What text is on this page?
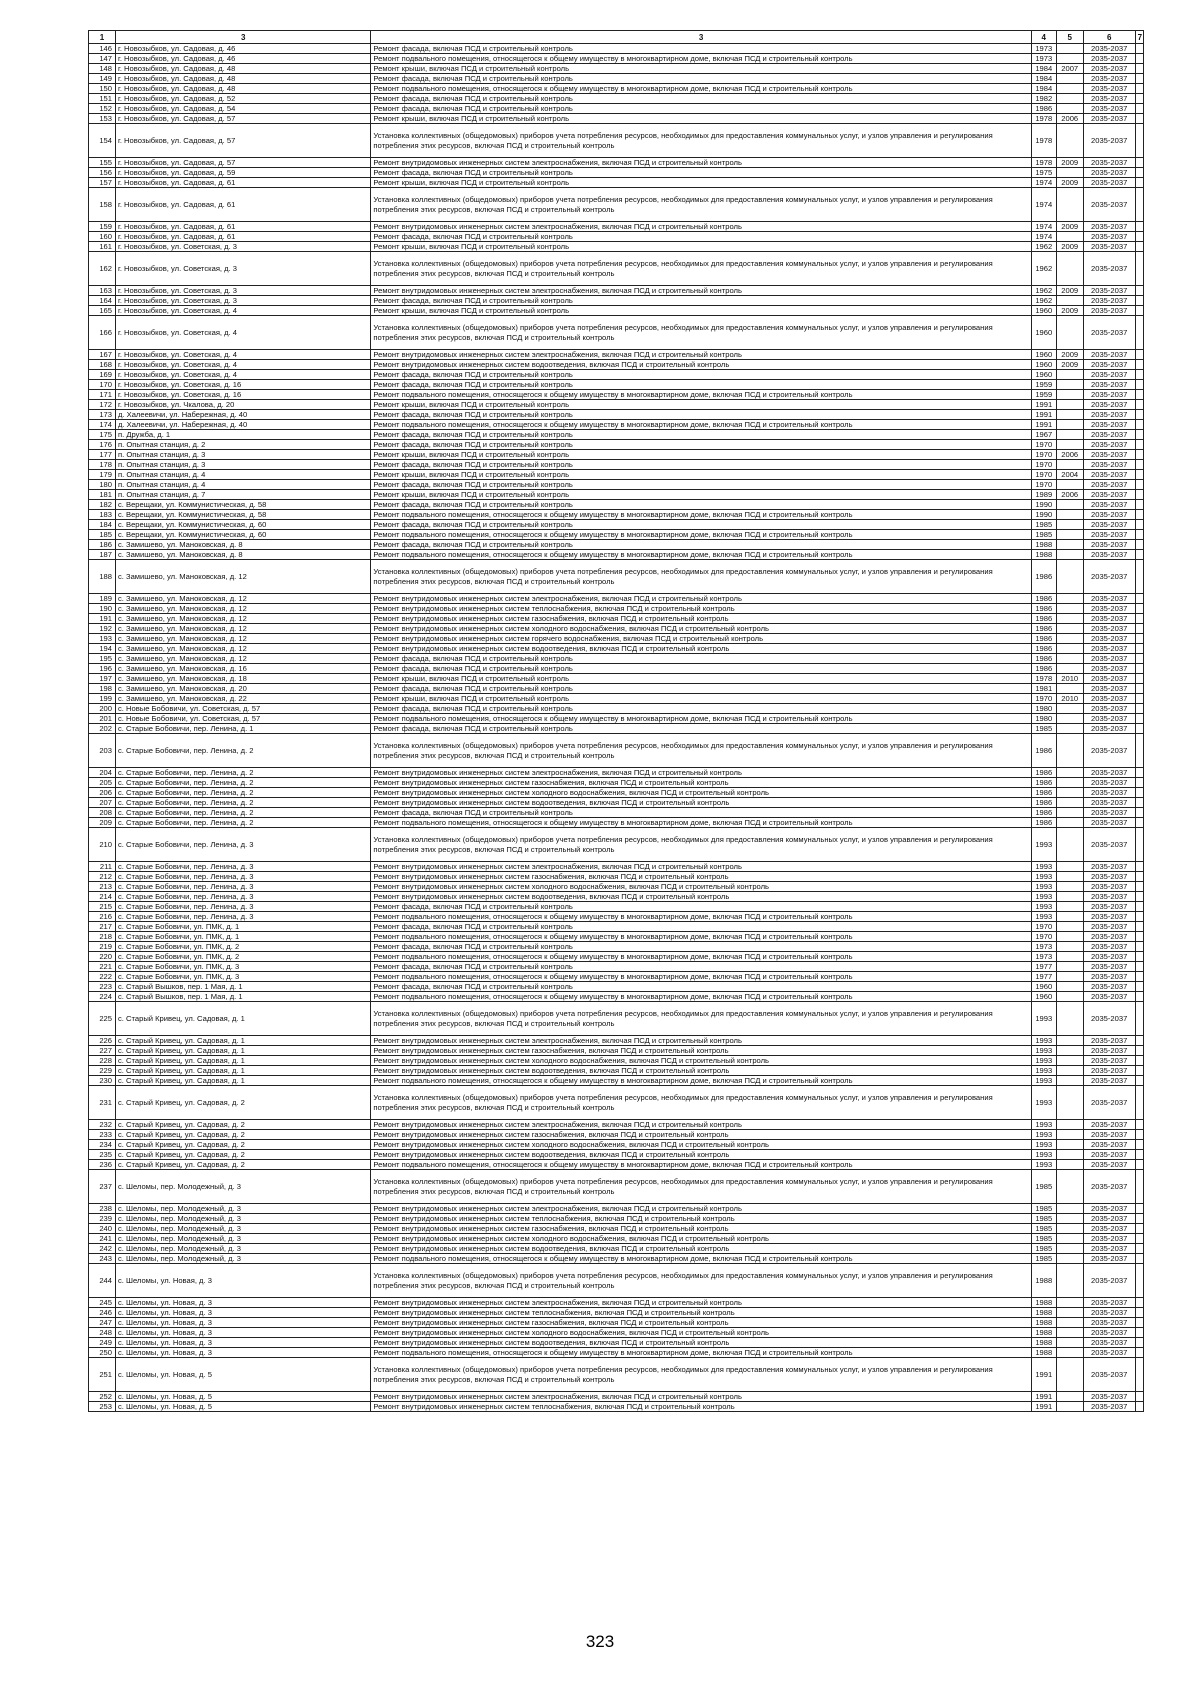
1	3	3	4	5	6	7
146	г. Новозыбков, ул. Садовая, д. 46	Ремонт фасада, включая ПСД и строительный контроль	1973		2035-2037	
147	г. Новозыбков, ул. Садовая, д. 46	Ремонт подвального помещения, относящегося к общему имуществу в многоквартирном доме, включая ПСД и строительный контроль	1973		2035-2037	
148	г. Новозыбков, ул. Садовая, д. 48	Ремонт крыши, включая ПСД и строительный контроль	1984	2007	2035-2037	
149	г. Новозыбков, ул. Садовая, д. 48	Ремонт фасада, включая ПСД и строительный контроль	1984		2035-2037	
150	г. Новозыбков, ул. Садовая, д. 48	Ремонт подвального помещения, относящегося к общему имуществу в многоквартирном доме, включая ПСД и строительный контроль	1984		2035-2037	
151	г. Новозыбков, ул. Садовая, д. 52	Ремонт фасада, включая ПСД и строительный контроль	1982		2035-2037	
152	г. Новозыбков, ул. Садовая, д. 54	Ремонт фасада, включая ПСД и строительный контроль	1986		2035-2037	
153	г. Новозыбков, ул. Садовая, д. 57	Ремонт крыши, включая ПСД и строительный контроль	1978	2006	2035-2037	
154	г. Новозыбков, ул. Садовая, д. 57	Установка коллективных (общедомовых) приборов учета потребления ресурсов, необходимых для предоставления коммунальных услуг, и узлов управления и регулирования потребления этих ресурсов, включая ПСД и строительный контроль	1978		2035-2037	
155	г. Новозыбков, ул. Садовая, д. 57	Ремонт внутридомовых инженерных систем электроснабжения, включая ПСД и строительный контроль	1978	2009	2035-2037	
156	г. Новозыбков, ул. Садовая, д. 59	Ремонт фасада, включая ПСД и строительный контроль	1975		2035-2037	
157	г. Новозыбков, ул. Садовая, д. 61	Ремонт крыши, включая ПСД и строительный контроль	1974	2009	2035-2037	
158	г. Новозыбков, ул. Садовая, д. 61	Установка коллективных (общедомовых) приборов учета потребления ресурсов, необходимых для предоставления коммунальных услуг, и узлов управления и регулирования потребления этих ресурсов, включая ПСД и строительный контроль	1974		2035-2037	
159	г. Новозыбков, ул. Садовая, д. 61	Ремонт внутридомовых инженерных систем электроснабжения, включая ПСД и строительный контроль	1974	2009	2035-2037	
160	г. Новозыбков, ул. Садовая, д. 61	Ремонт фасада, включая ПСД и строительный контроль	1974		2035-2037	
161	г. Новозыбков, ул. Советская, д. 3	Ремонт крыши, включая ПСД и строительный контроль	1962	2009	2035-2037	
162	г. Новозыбков, ул. Советская, д. 3	Установка коллективных (общедомовых) приборов учета потребления ресурсов, необходимых для предоставления коммунальных услуг, и узлов управления и регулирования потребления этих ресурсов, включая ПСД и строительный контроль	1962		2035-2037	
163	г. Новозыбков, ул. Советская, д. 3	Ремонт внутридомовых инженерных систем электроснабжения, включая ПСД и строительный контроль	1962	2009	2035-2037	
164	г. Новозыбков, ул. Советская, д. 3	Ремонт фасада, включая ПСД и строительный контроль	1962		2035-2037	
165	г. Новозыбков, ул. Советская, д. 4	Ремонт крыши, включая ПСД и строительный контроль	1960	2009	2035-2037	
166	г. Новозыбков, ул. Советская, д. 4	Установка коллективных (общедомовых) приборов учета потребления ресурсов, необходимых для предоставления коммунальных услуг, и узлов управления и регулирования потребления этих ресурсов, включая ПСД и строительный контроль	1960		2035-2037	
167	г. Новозыбков, ул. Советская, д. 4	Ремонт внутридомовых инженерных систем электроснабжения, включая ПСД и строительный контроль	1960	2009	2035-2037	
168	г. Новозыбков, ул. Советская, д. 4	Ремонт внутридомовых инженерных систем водоотведения, включая ПСД и строительный контроль	1960	2009	2035-2037	
169	г. Новозыбков, ул. Советская, д. 4	Ремонт фасада, включая ПСД и строительный контроль	1960		2035-2037	
170	г. Новозыбков, ул. Советская, д. 16	Ремонт фасада, включая ПСД и строительный контроль	1959		2035-2037	
171	г. Новозыбков, ул. Советская, д. 16	Ремонт подвального помещения, относящегося к общему имуществу в многоквартирном доме, включая ПСД и строительный контроль	1959		2035-2037	
172	г. Новозыбков, ул. Чкалова, д. 20	Ремонт крыши, включая ПСД и строительный контроль	1991		2035-2037	
173	д. Халеевичи, ул. Набережная, д. 40	Ремонт фасада, включая ПСД и строительный контроль	1991		2035-2037	
174	д. Халеевичи, ул. Набережная, д. 40	Ремонт подвального помещения, относящегося к общему имуществу в многоквартирном доме, включая ПСД и строительный контроль	1991		2035-2037	
175	п. Дружба, д. 1	Ремонт фасада, включая ПСД и строительный контроль	1967		2035-2037	
176	п. Опытная станция, д. 2	Ремонт фасада, включая ПСД и строительный контроль	1970		2035-2037	
177	п. Опытная станция, д. 3	Ремонт крыши, включая ПСД и строительный контроль	1970	2006	2035-2037	
178	п. Опытная станция, д. 3	Ремонт фасада, включая ПСД и строительный контроль	1970		2035-2037	
179	п. Опытная станция, д. 4	Ремонт крыши, включая ПСД и строительный контроль	1970	2004	2035-2037	
180	п. Опытная станция, д. 4	Ремонт фасада, включая ПСД и строительный контроль	1970		2035-2037	
181	п. Опытная станция, д. 7	Ремонт крыши, включая ПСД и строительный контроль	1989	2006	2035-2037	
182	с. Верещаки, ул. Коммунистическая, д. 58	Ремонт фасада, включая ПСД и строительный контроль	1990		2035-2037	
183	с. Верещаки, ул. Коммунистическая, д. 58	Ремонт подвального помещения, относящегося к общему имуществу в многоквартирном доме, включая ПСД и строительный контроль	1990		2035-2037	
184	с. Верещаки, ул. Коммунистическая, д. 60	Ремонт фасада, включая ПСД и строительный контроль	1985		2035-2037	
185	с. Верещаки, ул. Коммунистическая, д. 60	Ремонт подвального помещения, относящегося к общему имуществу в многоквартирном доме, включая ПСД и строительный контроль	1985		2035-2037	
186	с. Замишево, ул. Маноковская, д. 8	Ремонт фасада, включая ПСД и строительный контроль	1988		2035-2037	
187	с. Замишево, ул. Маноковская, д. 8	Ремонт подвального помещения, относящегося к общему имуществу в многоквартирном доме, включая ПСД и строительный контроль	1988		2035-2037	
188	с. Замишево, ул. Маноковская, д. 12	Установка коллективных (общедомовых) приборов учета потребления ресурсов, необходимых для предоставления коммунальных услуг, и узлов управления и регулирования потребления этих ресурсов, включая ПСД и строительный контроль	1986		2035-2037	
189	с. Замишево, ул. Маноковская, д. 12	Ремонт внутридомовых инженерных систем электроснабжения, включая ПСД и строительный контроль	1986		2035-2037	
190	с. Замишево, ул. Маноковская, д. 12	Ремонт внутридомовых инженерных систем теплоснабжения, включая ПСД и строительный контроль	1986		2035-2037	
191	с. Замишево, ул. Маноковская, д. 12	Ремонт внутридомовых инженерных систем газоснабжения, включая ПСД и строительный контроль	1986		2035-2037	
192	с. Замишево, ул. Маноковская, д. 12	Ремонт внутридомовых инженерных систем холодного водоснабжения, включая ПСД и строительный контроль	1986		2035-2037	
193	с. Замишево, ул. Маноковская, д. 12	Ремонт внутридомовых инженерных систем горячего водоснабжения, включая ПСД и строительный контроль	1986		2035-2037	
194	с. Замишево, ул. Маноковская, д. 12	Ремонт внутридомовых инженерных систем водоотведения, включая ПСД и строительный контроль	1986		2035-2037	
195	с. Замишево, ул. Маноковская, д. 12	Ремонт фасада, включая ПСД и строительный контроль	1986		2035-2037	
196	с. Замишево, ул. Маноковская, д. 16	Ремонт фасада, включая ПСД и строительный контроль	1986		2035-2037	
197	с. Замишево, ул. Маноковская, д. 18	Ремонт крыши, включая ПСД и строительный контроль	1978	2010	2035-2037	
198	с. Замишево, ул. Маноковская, д. 20	Ремонт фасада, включая ПСД и строительный контроль	1981		2035-2037	
199	с. Замишево, ул. Маноковская, д. 22	Ремонт крыши, включая ПСД и строительный контроль	1970	2010	2035-2037	
200	с. Новые Бобовичи, ул. Советская, д. 57	Ремонт фасада, включая ПСД и строительный контроль	1980		2035-2037	
201	с. Новые Бобовичи, ул. Советская, д. 57	Ремонт подвального помещения, относящегося к общему имуществу в многоквартирном доме, включая ПСД и строительный контроль	1980		2035-2037	
202	с. Старые Бобовичи, пер. Ленина, д. 1	Ремонт фасада, включая ПСД и строительный контроль	1985		2035-2037	
203	с. Старые Бобовичи, пер. Ленина, д. 2	Установка коллективных (общедомовых) приборов учета потребления ресурсов, необходимых для предоставления коммунальных услуг, и узлов управления и регулирования потребления этих ресурсов, включая ПСД и строительный контроль	1986		2035-2037	
204	с. Старые Бобовичи, пер. Ленина, д. 2	Ремонт внутридомовых инженерных систем электроснабжения, включая ПСД и строительный контроль	1986		2035-2037	
205	с. Старые Бобовичи, пер. Ленина, д. 2	Ремонт внутридомовых инженерных систем газоснабжения, включая ПСД и строительный контроль	1986		2035-2037	
206	с. Старые Бобовичи, пер. Ленина, д. 2	Ремонт внутридомовых инженерных систем холодного водоснабжения, включая ПСД и строительный контроль	1986		2035-2037	
207	с. Старые Бобовичи, пер. Ленина, д. 2	Ремонт внутридомовых инженерных систем водоотведения, включая ПСД и строительный контроль	1986		2035-2037	
208	с. Старые Бобовичи, пер. Ленина, д. 2	Ремонт фасада, включая ПСД и строительный контроль	1986		2035-2037	
209	с. Старые Бобовичи, пер. Ленина, д. 2	Ремонт подвального помещения, относящегося к общему имуществу в многоквартирном доме, включая ПСД и строительный контроль	1986		2035-2037	
210	с. Старые Бобовичи, пер. Ленина, д. 3	Установка коллективных (общедомовых) приборов учета потребления ресурсов, необходимых для предоставления коммунальных услуг, и узлов управления и регулирования потребления этих ресурсов, включая ПСД и строительный контроль	1993		2035-2037	
211	с. Старые Бобовичи, пер. Ленина, д. 3	Ремонт внутридомовых инженерных систем электроснабжения, включая ПСД и строительный контроль	1993		2035-2037	
212	с. Старые Бобовичи, пер. Ленина, д. 3	Ремонт внутридомовых инженерных систем газоснабжения, включая ПСД и строительный контроль	1993		2035-2037	
213	с. Старые Бобовичи, пер. Ленина, д. 3	Ремонт внутридомовых инженерных систем холодного водоснабжения, включая ПСД и строительный контроль	1993		2035-2037	
214	с. Старые Бобовичи, пер. Ленина, д. 3	Ремонт внутридомовых инженерных систем водоотведения, включая ПСД и строительный контроль	1993		2035-2037	
215	с. Старые Бобовичи, пер. Ленина, д. 3	Ремонт фасада, включая ПСД и строительный контроль	1993		2035-2037	
216	с. Старые Бобовичи, пер. Ленина, д. 3	Ремонт подвального помещения, относящегося к общему имуществу в многоквартирном доме, включая ПСД и строительный контроль	1993		2035-2037	
217	с. Старые Бобовичи, ул. ПМК, д. 1	Ремонт фасада, включая ПСД и строительный контроль	1970		2035-2037	
218	с. Старые Бобовичи, ул. ПМК, д. 1	Ремонт подвального помещения, относящегося к общему имуществу в многоквартирном доме, включая ПСД и строительный контроль	1970		2035-2037	
219	с. Старые Бобовичи, ул. ПМК, д. 2	Ремонт фасада, включая ПСД и строительный контроль	1973		2035-2037	
220	с. Старые Бобовичи, ул. ПМК, д. 2	Ремонт подвального помещения, относящегося к общему имуществу в многоквартирном доме, включая ПСД и строительный контроль	1973		2035-2037	
221	с. Старые Бобовичи, ул. ПМК, д. 3	Ремонт фасада, включая ПСД и строительный контроль	1977		2035-2037	
222	с. Старые Бобовичи, ул. ПМК, д. 3	Ремонт подвального помещения, относящегося к общему имуществу в многоквартирном доме, включая ПСД и строительный контроль	1977		2035-2037	
223	с. Старый Вышков, пер. 1 Мая, д. 1	Ремонт фасада, включая ПСД и строительный контроль	1960		2035-2037	
224	с. Старый Вышков, пер. 1 Мая, д. 1	Ремонт подвального помещения, относящегося к общему имуществу в многоквартирном доме, включая ПСД и строительный контроль	1960		2035-2037	
225	с. Старый Кривец, ул. Садовая, д. 1	Установка коллективных (общедомовых) приборов учета потребления ресурсов, необходимых для предоставления коммунальных услуг, и узлов управления и регулирования потребления этих ресурсов, включая ПСД и строительный контроль	1993		2035-2037	
226	с. Старый Кривец, ул. Садовая, д. 1	Ремонт внутридомовых инженерных систем электроснабжения, включая ПСД и строительный контроль	1993		2035-2037	
227	с. Старый Кривец, ул. Садовая, д. 1	Ремонт внутридомовых инженерных систем газоснабжения, включая ПСД и строительный контроль	1993		2035-2037	
228	с. Старый Кривец, ул. Садовая, д. 1	Ремонт внутридомовых инженерных систем холодного водоснабжения, включая ПСД и строительный контроль	1993		2035-2037	
229	с. Старый Кривец, ул. Садовая, д. 1	Ремонт внутридомовых инженерных систем водоотведения, включая ПСД и строительный контроль	1993		2035-2037	
230	с. Старый Кривец, ул. Садовая, д. 1	Ремонт подвального помещения, относящегося к общему имуществу в многоквартирном доме, включая ПСД и строительный контроль	1993		2035-2037	
231	с. Старый Кривец, ул. Садовая, д. 2	Установка коллективных (общедомовых) приборов учета потребления ресурсов, необходимых для предоставления коммунальных услуг, и узлов управления и регулирования потребления этих ресурсов, включая ПСД и строительный контроль	1993		2035-2037	
232	с. Старый Кривец, ул. Садовая, д. 2	Ремонт внутридомовых инженерных систем электроснабжения, включая ПСД и строительный контроль	1993		2035-2037	
233	с. Старый Кривец, ул. Садовая, д. 2	Ремонт внутридомовых инженерных систем газоснабжения, включая ПСД и строительный контроль	1993		2035-2037	
234	с. Старый Кривец, ул. Садовая, д. 2	Ремонт внутридомовых инженерных систем холодного водоснабжения, включая ПСД и строительный контроль	1993		2035-2037	
235	с. Старый Кривец, ул. Садовая, д. 2	Ремонт внутридомовых инженерных систем водоотведения, включая ПСД и строительный контроль	1993		2035-2037	
236	с. Старый Кривец, ул. Садовая, д. 2	Ремонт подвального помещения, относящегося к общему имуществу в многоквартирном доме, включая ПСД и строительный контроль	1993		2035-2037	
237	с. Шеломы, пер. Молодежный, д. 3	Установка коллективных (общедомовых) приборов учета потребления ресурсов, необходимых для предоставления коммунальных услуг, и узлов управления и регулирования потребления этих ресурсов, включая ПСД и строительный контроль	1985		2035-2037	
238	с. Шеломы, пер. Молодежный, д. 3	Ремонт внутридомовых инженерных систем электроснабжения, включая ПСД и строительный контроль	1985		2035-2037	
239	с. Шеломы, пер. Молодежный, д. 3	Ремонт внутридомовых инженерных систем теплоснабжения, включая ПСД и строительный контроль	1985		2035-2037	
240	с. Шеломы, пер. Молодежный, д. 3	Ремонт внутридомовых инженерных систем газоснабжения, включая ПСД и строительный контроль	1985		2035-2037	
241	с. Шеломы, пер. Молодежный, д. 3	Ремонт внутридомовых инженерных систем холодного водоснабжения, включая ПСД и строительный контроль	1985		2035-2037	
242	с. Шеломы, пер. Молодежный, д. 3	Ремонт внутридомовых инженерных систем водоотведения, включая ПСД и строительный контроль	1985		2035-2037	
243	с. Шеломы, пер. Молодежный, д. 3	Ремонт подвального помещения, относящегося к общему имуществу в многоквартирном доме, включая ПСД и строительный контроль	1985		2035-2037	
244	с. Шеломы, ул. Новая, д. 3	Установка коллективных (общедомовых) приборов учета потребления ресурсов, необходимых для предоставления коммунальных услуг, и узлов управления и регулирования потребления этих ресурсов, включая ПСД и строительный контроль	1988		2035-2037	
245	с. Шеломы, ул. Новая, д. 3	Ремонт внутридомовых инженерных систем электроснабжения, включая ПСД и строительный контроль	1988		2035-2037	
246	с. Шеломы, ул. Новая, д. 3	Ремонт внутридомовых инженерных систем теплоснабжения, включая ПСД и строительный контроль	1988		2035-2037	
247	с. Шеломы, ул. Новая, д. 3	Ремонт внутридомовых инженерных систем газоснабжения, включая ПСД и строительный контроль	1988		2035-2037	
248	с. Шеломы, ул. Новая, д. 3	Ремонт внутридомовых инженерных систем холодного водоснабжения, включая ПСД и строительный контроль	1988		2035-2037	
249	с. Шеломы, ул. Новая, д. 3	Ремонт внутридомовых инженерных систем водоотведения, включая ПСД и строительный контроль	1988		2035-2037	
250	с. Шеломы, ул. Новая, д. 3	Ремонт подвального помещения, относящегося к общему имуществу в многоквартирном доме, включая ПСД и строительный контроль	1988		2035-2037	
251	с. Шеломы, ул. Новая, д. 5	Установка коллективных (общедомовых) приборов учета потребления ресурсов, необходимых для предоставления коммунальных услуг, и узлов управления и регулирования потребления этих ресурсов, включая ПСД и строительный контроль	1991		2035-2037	
252	с. Шеломы, ул. Новая, д. 5	Ремонт внутридомовых инженерных систем электроснабжения, включая ПСД и строительный контроль	1991		2035-2037	
253	с. Шеломы, ул. Новая, д. 5	Ремонт внутридомовых инженерных систем теплоснабжения, включая ПСД и строительный контроль	1991		2035-2037	
323
